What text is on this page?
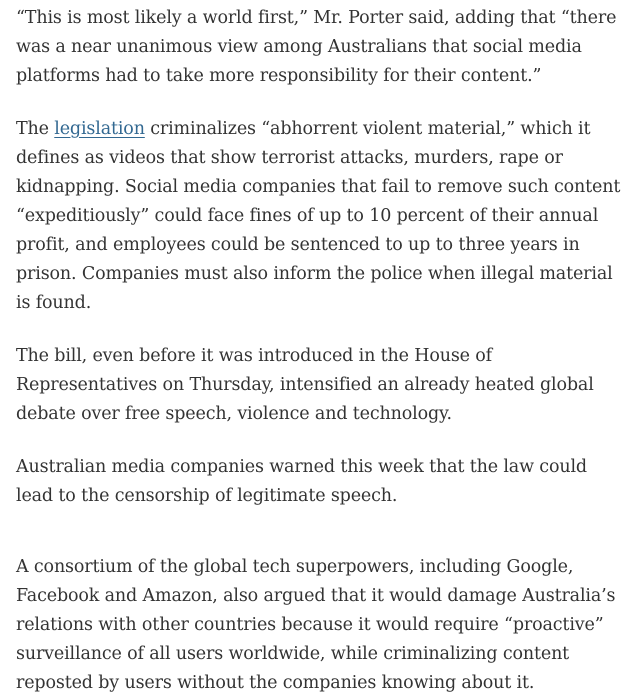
“This is most likely a world first,” Mr. Porter said, adding that “there was a near unanimous view among Australians that social media platforms had to take more responsibility for their content.”

The legislation criminalizes “abhorrent violent material,” which it defines as videos that show terrorist attacks, murders, rape or kidnapping. Social media companies that fail to remove such content “expeditiously” could face fines of up to 10 percent of their annual profit, and employees could be sentenced to up to three years in prison. Companies must also inform the police when illegal material is found.

The bill, even before it was introduced in the House of Representatives on Thursday, intensified an already heated global debate over free speech, violence and technology.

Australian media companies warned this week that the law could lead to the censorship of legitimate speech.

A consortium of the global tech superpowers, including Google, Facebook and Amazon, also argued that it would damage Australia’s relations with other countries because it would require “proactive” surveillance of all users worldwide, while criminalizing content reposted by users without the companies knowing about it.
